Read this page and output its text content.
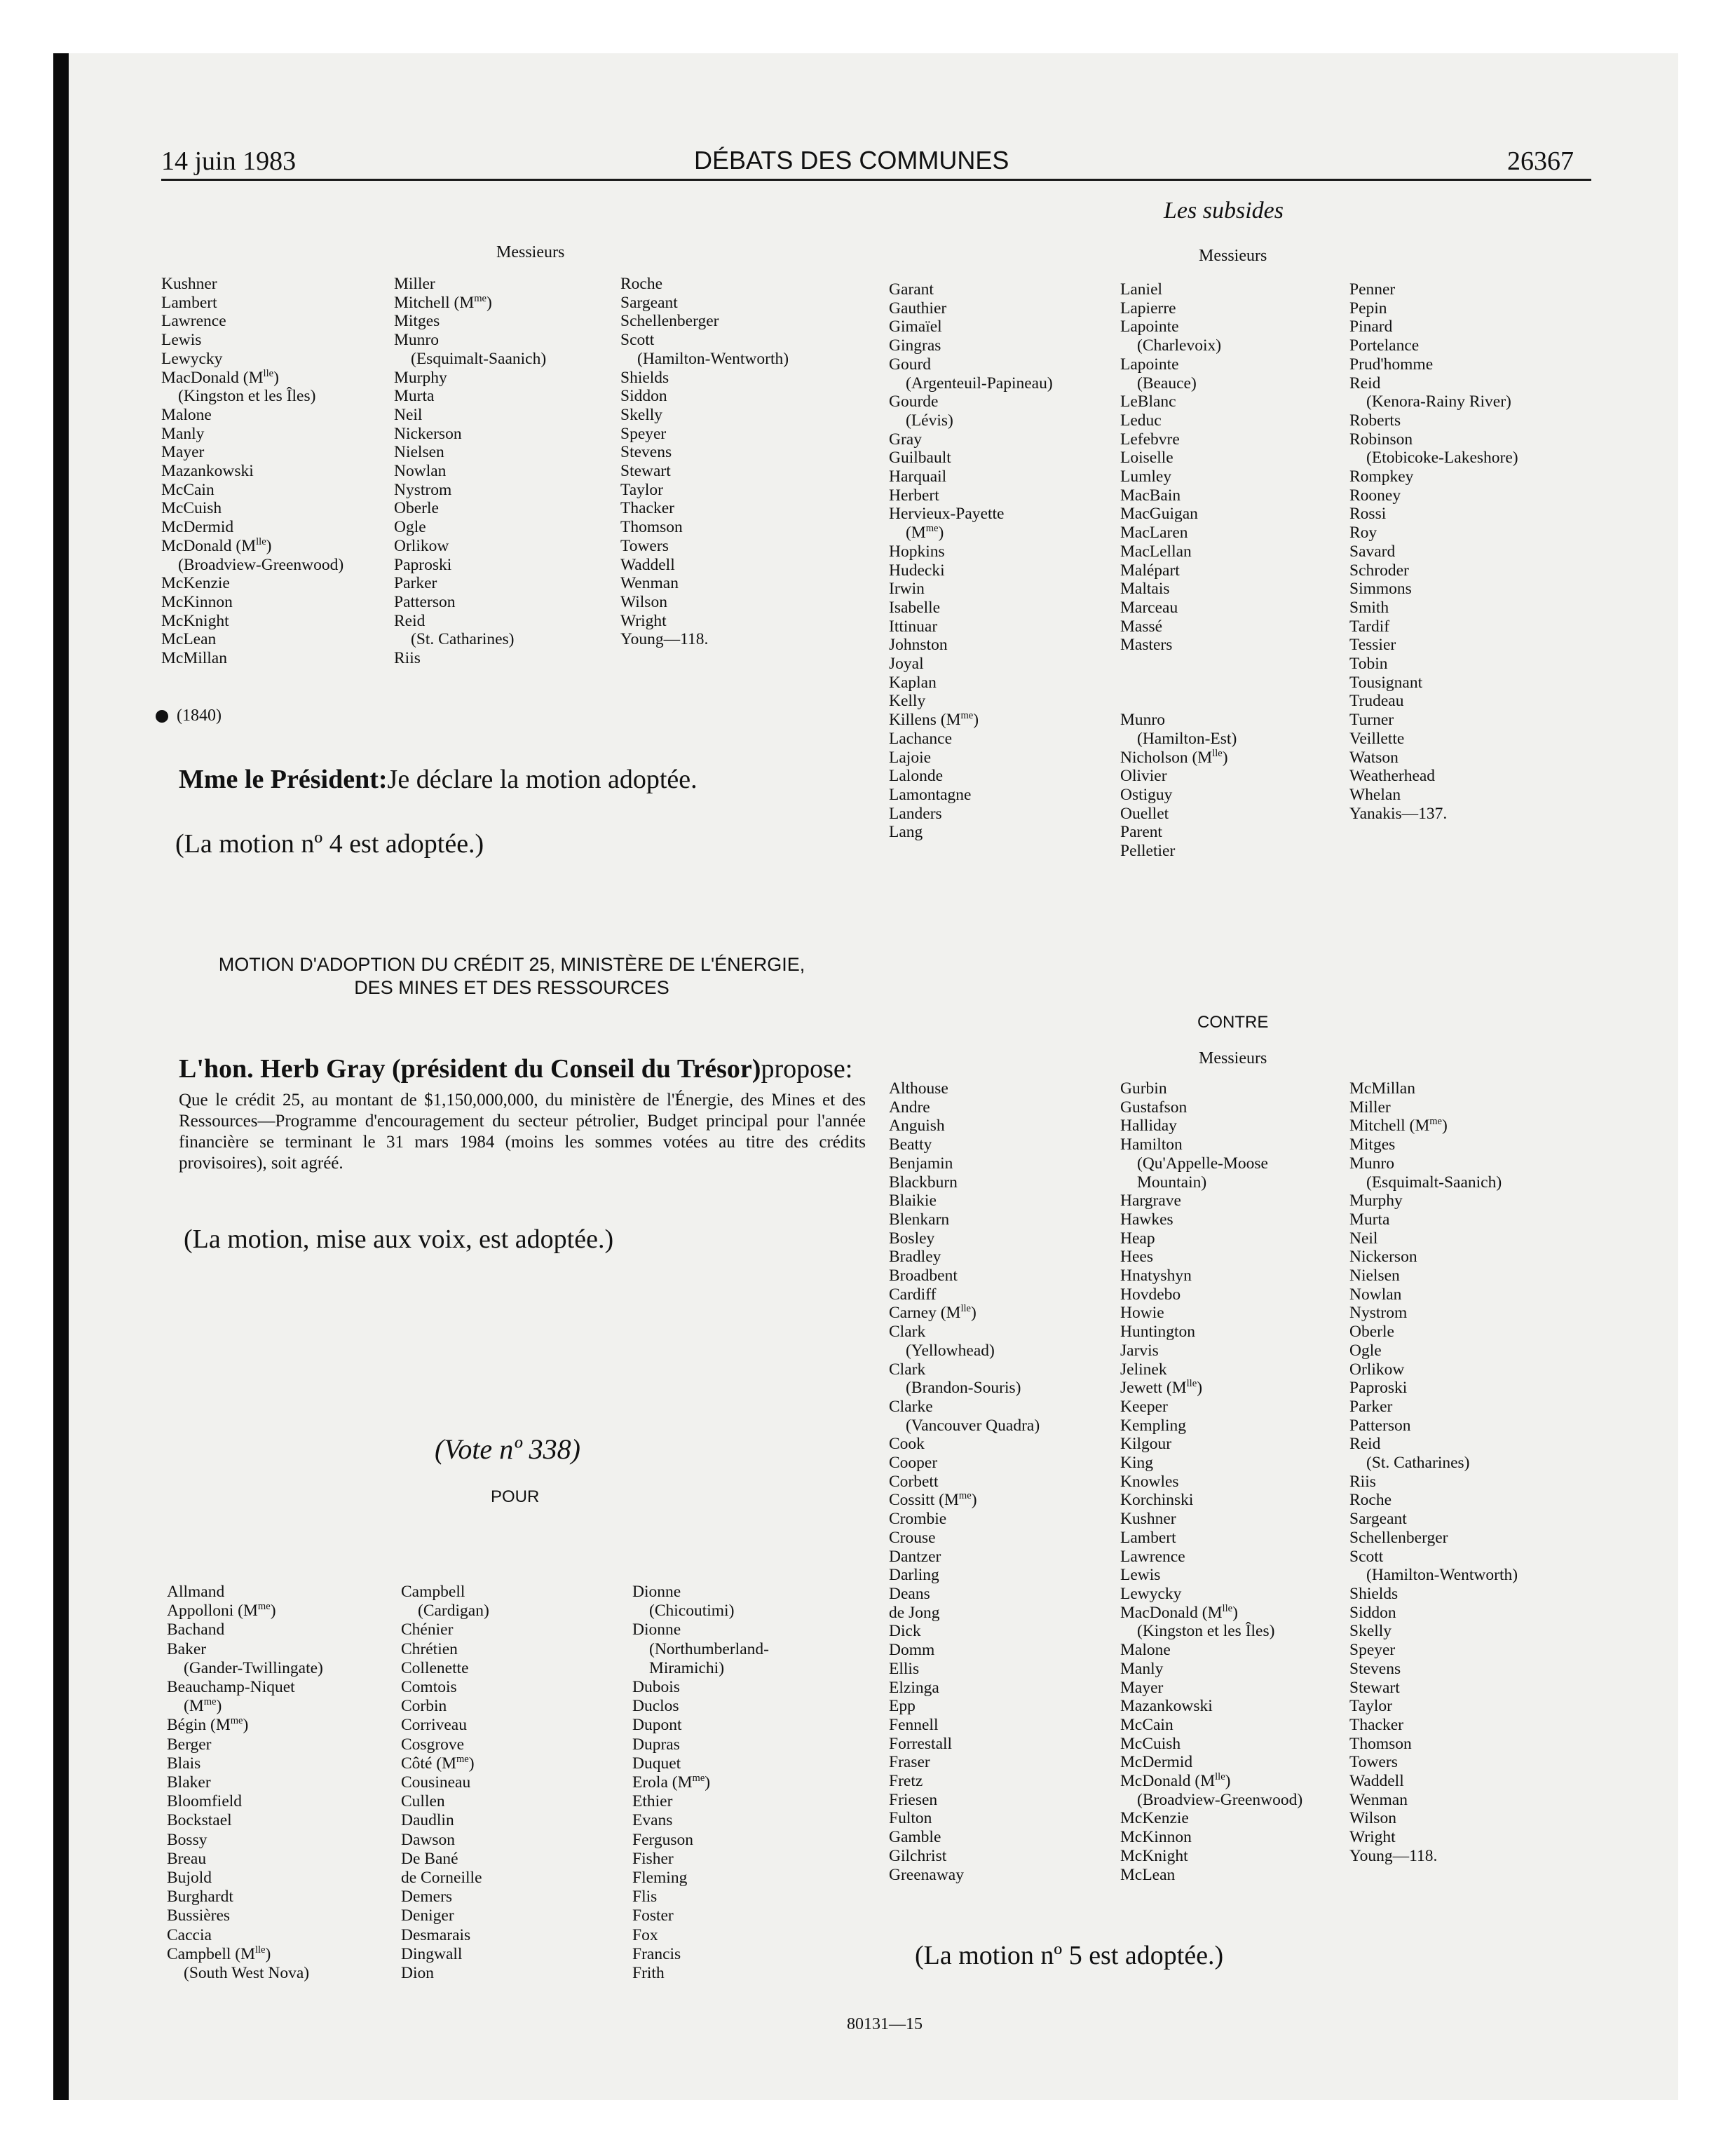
14 juin 1983	DÉBATS DES COMMUNES	26367
Les subsides
Messieurs
Kushner
Lambert
Lawrence
Lewis
Lewycky
MacDonald $(M^{lle})$
(Kingston et les Îles)
Malone
Manly
Mayer
Mazankowski
McCain
McCuish
McDermid
McDonald $(M^{lle})$
(Broadview-Greenwood)
McKenzie
McKinnon
McKnight
McLean
McMillan
Miller
Mitchell $(M^{me})$
Mitges
Munro
(Esquimalt-Saanich)
Murphy
Murta
Neil
Nickerson
Nielsen
Nowlan
Nystrom
Oberle
Ogle
Orlikow
Paproski
Parker
Patterson
Reid
(St. Catharines)
Riis
Roche
Sargeant
Schellenberger
Scott
(Hamilton-Wentworth)
Shields
Siddon
Skelly
Speyer
Stevens
Stewart
Taylor
Thacker
Thomson
Towers
Waddell
Wenman
Wilson
Wright
Young—118.
(1840)
Mme le Président:Je déclare la motion adoptée.
(La motion nº 4 est adoptée.)
MOTION D'ADOPTION DU CRÉDIT 25, MINISTÈRE DE L'ÉNERGIE,
DES MINES ET DES RESSOURCES
L'hon. Herb Gray (président du Conseil du Trésor)propose:
Que le crédit 25, au montant de $1,150,000,000, du ministère de l'Énergie, des Mines et des Ressources—Programme d'encouragement du secteur pétrolier, Budget principal pour l'année financière se terminant le 31 mars 1984 (moins les sommes votées au titre des crédits provisoires), soit agréé.
(La motion, mise aux voix, est adoptée.)
(Vote nº 338)
POUR
Allmand
Appolloni $(M^{me})$
Bachand
Baker
(Gander-Twillingate)
Beauchamp-Niquet
$(M^{me})$
Bégin $(M^{me})$
Berger
Blais
Blaker
Bloomfield
Bockstael
Bossy
Breau
Bujold
Burghardt
Bussières
Caccia
Campbell $(M^{lle})$
(South West Nova)
Campbell
(Cardigan)
Chénier
Chrétien
Collenette
Comtois
Corbin
Corriveau
Cosgrove
Côté $(M^{me})$
Cousineau
Cullen
Daudlin
Dawson
De Bané
de Corneille
Demers
Deniger
Desmarais
Dingwall
Dion
Dionne
(Chicoutimi)
Dionne
(Northumberland-
Miramichi)
Dubois
Duclos
Dupont
Dupras
Duquet
Erola $(M^{me})$
Ethier
Evans
Ferguson
Fisher
Fleming
Flis
Foster
Fox
Francis
Frith
Messieurs
Garant
Gauthier
Gimaïel
Gingras
Gourd
(Argenteuil-Papineau)
Gourde
(Lévis)
Gray
Guilbault
Harquail
Herbert
Hervieux-Payette
$(M^{me})$
Hopkins
Hudecki
Irwin
Isabelle
Ittinuar
Johnston
Joyal
Kaplan
Kelly
Killens $(M^{me})$
Lachance
Lajoie
Lalonde
Lamontagne
Landers
Lang
Laniel
Lapierre
Lapointe
(Charlevoix)
Lapointe
(Beauce)
LeBlanc
Leduc
Lefebvre
Loiselle
Lumley
MacBain
MacGuigan
MacLaren
MacLellan
Malépart
Maltais
Marceau
Massé
Masters
Munro
(Hamilton-Est)
Nicholson $(M^{lle})$
Olivier
Ostiguy
Ouellet
Parent
Pelletier
Penner
Pepin
Pinard
Portelance
Prud'homme
Reid
(Kenora-Rainy River)
Roberts
Robinson
(Etobicoke-Lakeshore)
Rompkey
Rooney
Rossi
Roy
Savard
Schroder
Simmons
Smith
Tardif
Tessier
Tobin
Tousignant
Trudeau
Turner
Veillette
Watson
Weatherhead
Whelan
Yanakis—137.
CONTRE
Messieurs
Althouse
Andre
Anguish
Beatty
Benjamin
Blackburn
Blaikie
Blenkarn
Bosley
Bradley
Broadbent
Cardiff
Carney $(M^{lle})$
Clark
(Yellowhead)
Clark
(Brandon-Souris)
Clarke
(Vancouver Quadra)
Cook
Cooper
Corbett
Cossitt $(M^{me})$
Crombie
Crouse
Dantzer
Darling
Deans
de Jong
Dick
Domm
Ellis
Elzinga
Epp
Fennell
Forrestall
Fraser
Fretz
Friesen
Fulton
Gamble
Gilchrist
Greenaway
Gurbin
Gustafson
Halliday
Hamilton
(Qu'Appelle-Moose
Mountain)
Hargrave
Hawkes
Heap
Hees
Hnatyshyn
Hovdebo
Howie
Huntington
Jarvis
Jelinek
Jewett $(M^{lle})$
Keeper
Kempling
Kilgour
King
Knowles
Korchinski
Kushner
Lambert
Lawrence
Lewis
Lewycky
MacDonald $(M^{lle})$
(Kingston et les Îles)
Malone
Manly
Mayer
Mazankowski
McCain
McCuish
McDermid
McDonald $(M^{lle})$
(Broadview-Greenwood)
McKenzie
McKinnon
McKnight
McLean
McMillan
Miller
Mitchell $(M^{me})$
Mitges
Munro
(Esquimalt-Saanich)
Murphy
Murta
Neil
Nickerson
Nielsen
Nowlan
Nystrom
Oberle
Ogle
Orlikow
Paproski
Parker
Patterson
Reid
(St. Catharines)
Riis
Roche
Sargeant
Schellenberger
Scott
(Hamilton-Wentworth)
Shields
Siddon
Skelly
Speyer
Stevens
Stewart
Taylor
Thacker
Thomson
Towers
Waddell
Wenman
Wilson
Wright
Young—118.
(La motion nº 5 est adoptée.)
80131—15
